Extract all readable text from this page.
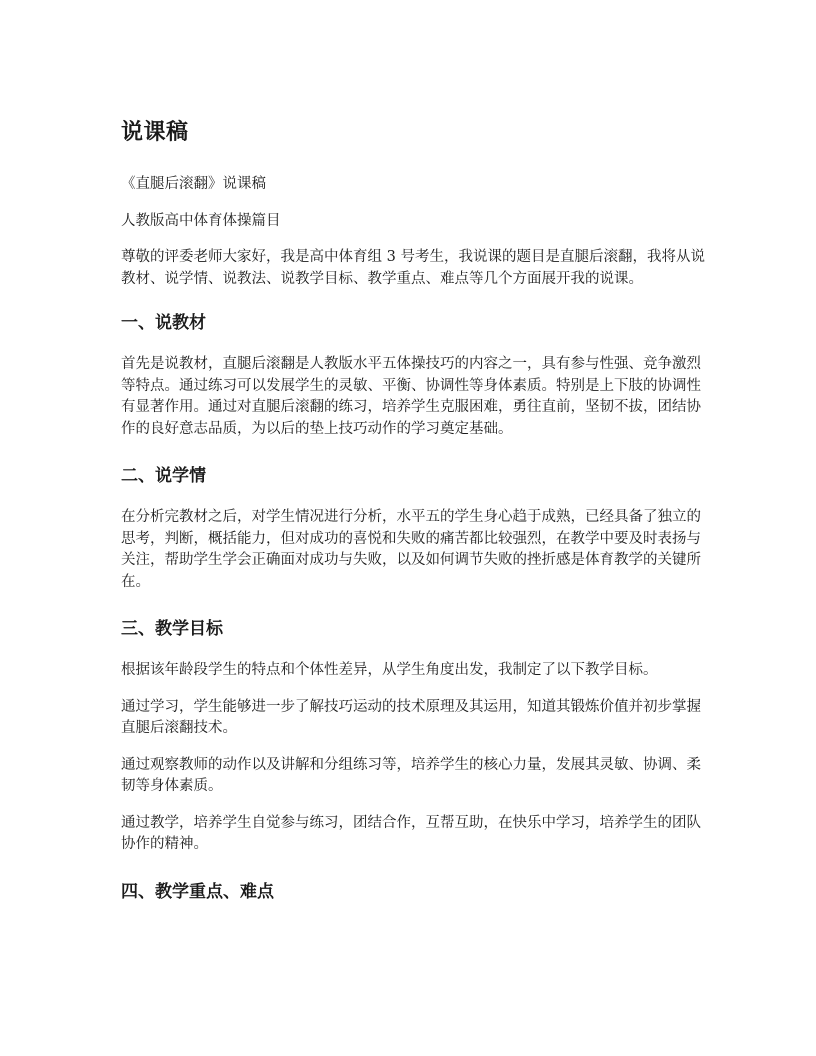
说课稿

《直腿后滚翻》说课稿

人教版高中体育体操篇目

尊敬的评委老师大家好，我是高中体育组 3 号考生，我说课的题目是直腿后滚翻，我将从说教材、说学情、说教法、说教学目标、教学重点、难点等几个方面展开我的说课。

一、说教材

首先是说教材，直腿后滚翻是人教版水平五体操技巧的内容之一，具有参与性强、竞争激烈等特点。通过练习可以发展学生的灵敏、平衡、协调性等身体素质。特别是上下肢的协调性有显著作用。通过对直腿后滚翻的练习，培养学生克服困难，勇往直前，坚韧不拔，团结协作的良好意志品质，为以后的垫上技巧动作的学习奠定基础。

二、说学情

在分析完教材之后，对学生情况进行分析，水平五的学生身心趋于成熟，已经具备了独立的思考，判断，概括能力，但对成功的喜悦和失败的痛苦都比较强烈，在教学中要及时表扬与关注，帮助学生学会正确面对成功与失败，以及如何调节失败的挫折感是体育教学的关键所在。

三、教学目标

根据该年龄段学生的特点和个体性差异，从学生角度出发，我制定了以下教学目标。

通过学习，学生能够进一步了解技巧运动的技术原理及其运用，知道其锻炼价值并初步掌握直腿后滚翻技术。

通过观察教师的动作以及讲解和分组练习等，培养学生的核心力量，发展其灵敏、协调、柔韧等身体素质。

通过教学，培养学生自觉参与练习，团结合作，互帮互助，在快乐中学习，培养学生的团队协作的精神。

四、教学重点、难点
